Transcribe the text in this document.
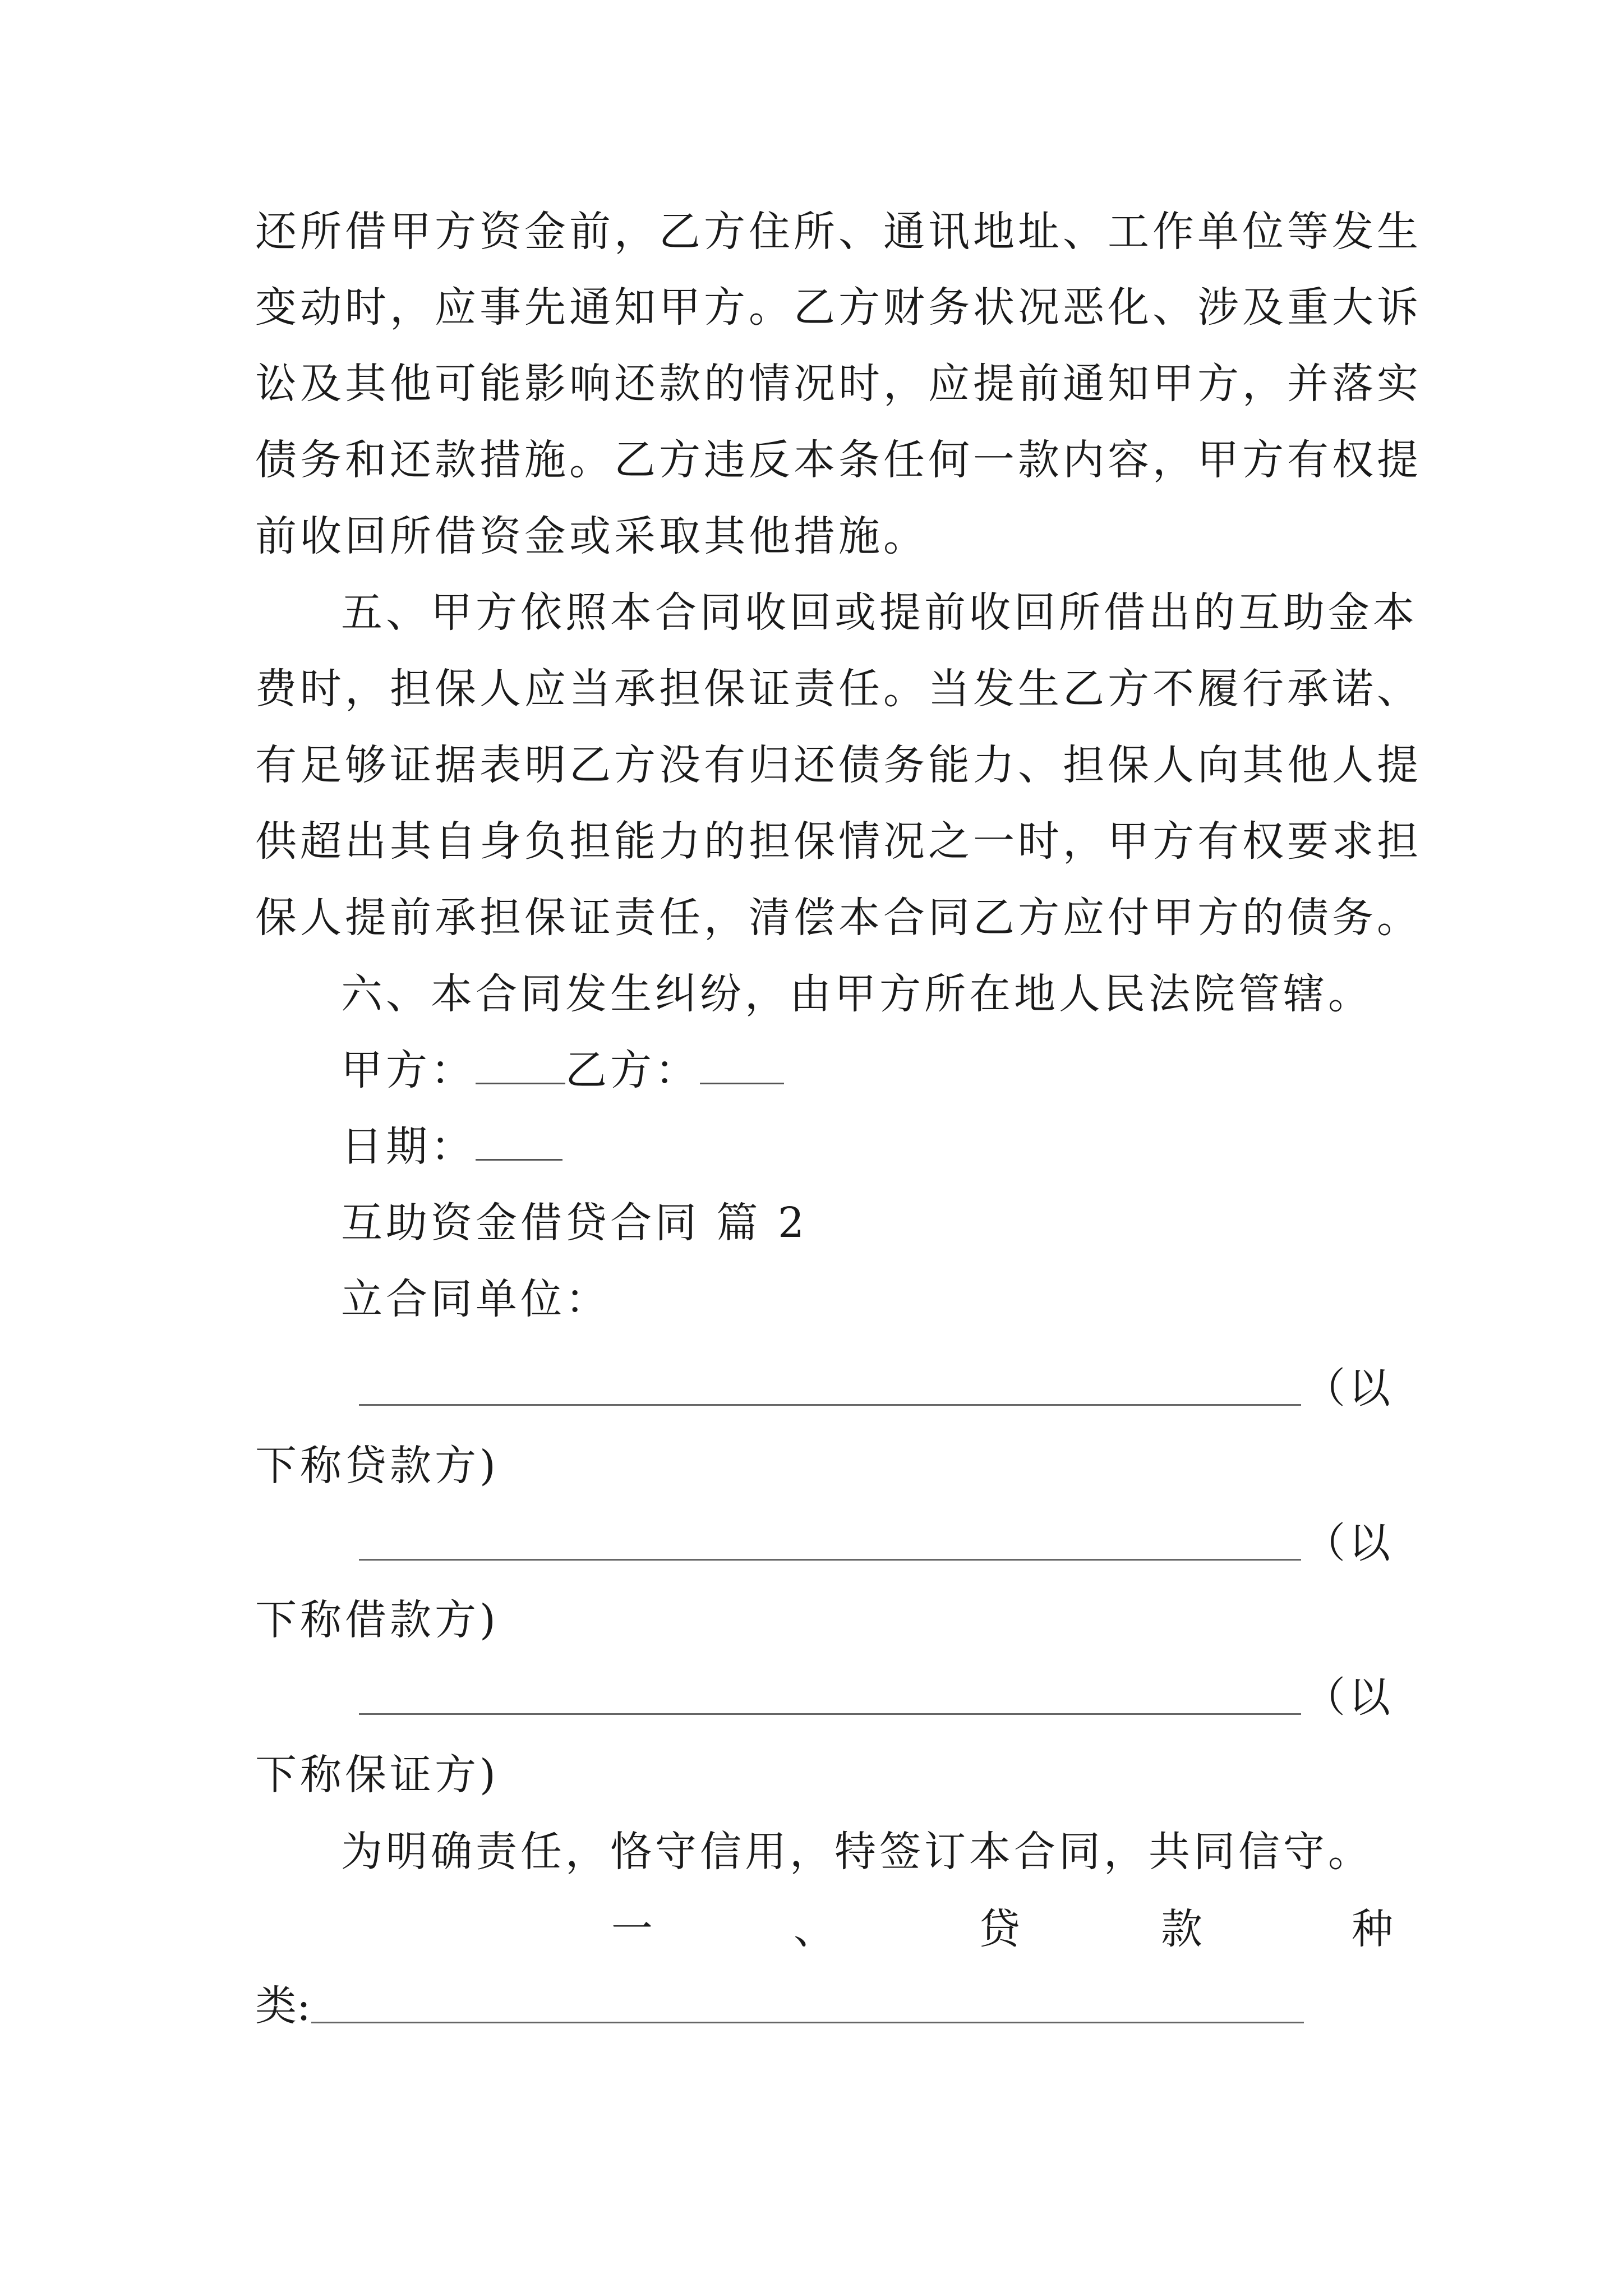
还所借甲方资金前，乙方住所、通讯地址、工作单位等发生
变动时，应事先通知甲方。乙方财务状况恶化、涉及重大诉
讼及其他可能影响还款的情况时，应提前通知甲方，并落实
债务和还款措施。乙方违反本条任何一款内容，甲方有权提
前收回所借资金或采取其他措施。
五、甲方依照本合同收回或提前收回所借出的互助金本
费时，担保人应当承担保证责任。当发生乙方不履行承诺、
有足够证据表明乙方没有归还债务能力、担保人向其他人提
供超出其自身负担能力的担保情况之一时，甲方有权要求担
保人提前承担保证责任，清偿本合同乙方应付甲方的债务。
六、本合同发生纠纷，由甲方所在地人民法院管辖。
甲方： 乙方：
日期：
互助资金借贷合同 篇 2
立合同单位：
（以
下称贷款方)
（以
下称借款方)
（以
下称保证方)
为明确责任，恪守信用，特签订本合同，共同信守。
一	、	贷	款	种
类:
